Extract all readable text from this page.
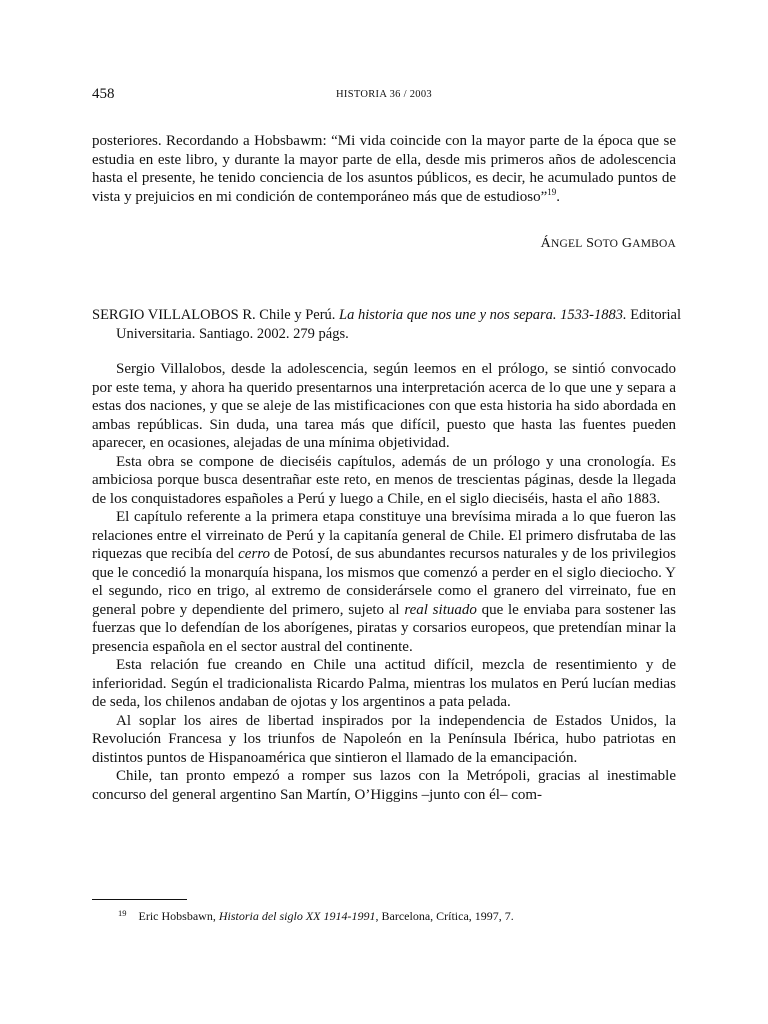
458	HISTORIA 36 / 2003

posteriores. Recordando a Hobsbawm: “Mi vida coincide con la mayor parte de la época que se estudia en este libro, y durante la mayor parte de ella, desde mis primeros años de adolescencia hasta el presente, he tenido conciencia de los asuntos públicos, es decir, he acumulado puntos de vista y prejuicios en mi condición de contemporáneo más que de estudioso”$^{19}$.

ÁNGEL SOTO GAMBOA

SERGIO VILLALOBOS R. Chile y Perú. La historia que nos une y nos separa. 1533-1883. Editorial Universitaria. Santiago. 2002. 279 págs.

Sergio Villalobos, desde la adolescencia, según leemos en el prólogo, se sintió convocado por este tema, y ahora ha querido presentarnos una interpretación acerca de lo que une y separa a estas dos naciones, y que se aleje de las mistificaciones con que esta historia ha sido abordada en ambas repúblicas. Sin duda, una tarea más que difícil, puesto que hasta las fuentes pueden aparecer, en ocasiones, alejadas de una mínima objetividad.

Esta obra se compone de dieciséis capítulos, además de un prólogo y una cronología. Es ambiciosa porque busca desentrañar este reto, en menos de trescientas páginas, desde la llegada de los conquistadores españoles a Perú y luego a Chile, en el siglo dieciséis, hasta el año 1883.

El capítulo referente a la primera etapa constituye una brevísima mirada a lo que fueron las relaciones entre el virreinato de Perú y la capitanía general de Chile. El primero disfrutaba de las riquezas que recibía del cerro de Potosí, de sus abundantes recursos naturales y de los privilegios que le concedió la monarquía hispana, los mismos que comenzó a perder en el siglo dieciocho. Y el segundo, rico en trigo, al extremo de considerársele como el granero del virreinato, fue en general pobre y dependiente del primero, sujeto al real situado que le enviaba para sostener las fuerzas que lo defendían de los aborígenes, piratas y corsarios europeos, que pretendían minar la presencia española en el sector austral del continente.

Esta relación fue creando en Chile una actitud difícil, mezcla de resentimiento y de inferioridad. Según el tradicionalista Ricardo Palma, mientras los mulatos en Perú lucían medias de seda, los chilenos andaban de ojotas y los argentinos a pata pelada.

Al soplar los aires de libertad inspirados por la independencia de Estados Unidos, la Revolución Francesa y los triunfos de Napoleón en la Península Ibérica, hubo patriotas en distintos puntos de Hispanoamérica que sintieron el llamado de la emancipación.

Chile, tan pronto empezó a romper sus lazos con la Metrópoli, gracias al inestimable concurso del general argentino San Martín, O’Higgins –junto con él– com-

$^{19}$ Eric Hobsbawn, Historia del siglo XX 1914-1991, Barcelona, Crítica, 1997, 7.
